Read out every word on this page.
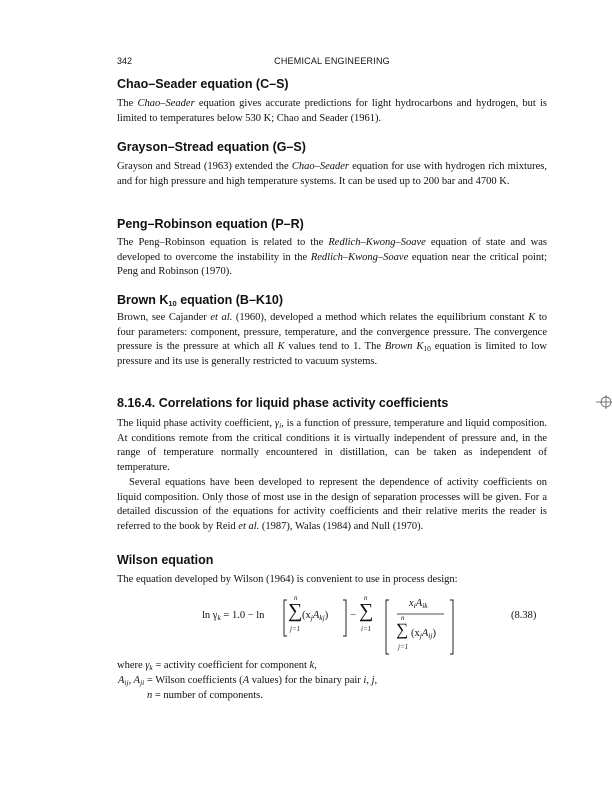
342	CHEMICAL ENGINEERING
Chao–Seader equation (C–S)

The Chao–Seader equation gives accurate predictions for light hydrocarbons and hydrogen, but is limited to temperatures below 530 K; Chao and Seader (1961).

Grayson–Stread equation (G–S)

Grayson and Stread (1963) extended the Chao–Seader equation for use with hydrogen rich mixtures, and for high pressure and high temperature systems. It can be used up to 200 bar and 4700 K.

Peng–Robinson equation (P–R)

The Peng–Robinson equation is related to the Redlich–Kwong–Soave equation of state and was developed to overcome the instability in the Redlich–Kwong–Soave equation near the critical point; Peng and Robinson (1970).

Brown $K_{10}$ equation (B–K10)

Brown, see Cajander et al. (1960), developed a method which relates the equilibrium constant K to four parameters: component, pressure, temperature, and the convergence pressure. The convergence pressure is the pressure at which all K values tend to 1. The Brown $K_{10}$ equation is limited to low pressure and its use is generally restricted to vacuum systems.

8.16.4. Correlations for liquid phase activity coefficients

The liquid phase activity coefficient, $\gamma_i$, is a function of pressure, temperature and liquid composition. At conditions remote from the critical conditions it is virtually independent of pressure and, in the range of temperature normally encountered in distillation, can be taken as independent of temperature.

Several equations have been developed to represent the dependence of activity coefficients on liquid composition. Only those of most use in the design of separation processes will be given. For a detailed discussion of the equations for activity coefficients and their relative merits the reader is referred to the book by Reid et al. (1987), Walas (1984) and Null (1970).

Wilson equation

The equation developed by Wilson (1964) is convenient to use in process design:

$\ln \gamma_k = 1.0 - \ln$
n
∑
j=1
$(x_jA_{kj})$ −
n
∑
i=1
$x_iA_{ik}$
n
∑
j=1
$(x_jA_{ij})$
(8.38)
where $\gamma_k$ = activity coefficient for component k,
$A_{ij}$, $A_{ji}$ = Wilson coefficients (A values) for the binary pair i, j,
n = number of components.
